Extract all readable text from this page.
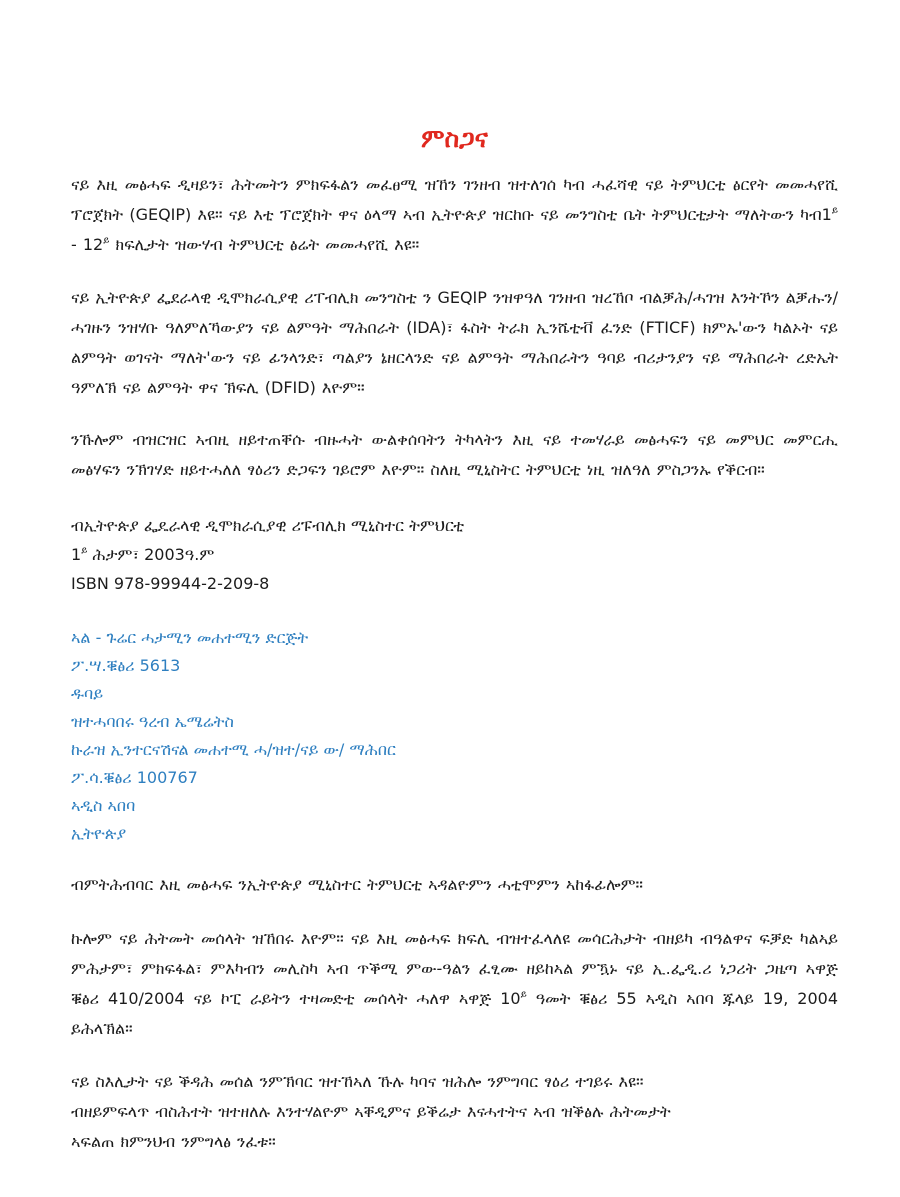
ምስጋና

ናይ እዚ መፅሓፍ ዲዛይን፣ ሕትመትን ምክፍፋልን መፈፀሚ ዝኸን ገንዘብ ዝተለገሰ ካብ ሓፈሻዊ ናይ ትምህርቲ ፅርየት መመሓየሺ ፕሮጀክት (GEQIP) እዩ። ናይ እቲ ፕሮጀክት ዋና ዕላማ ኣብ ኢትዮጵያ ዝርከቡ ናይ መንግስቲ ቤት ትምህርቲታት ማለትውን $ካብ1^ይ - 12^ይ$ ክፍሊታት ዝውሃብ ትምህርቲ ፅሬት መመሓየሺ እዩ።

ናይ ኢትዮጵያ ፌደራላዊ ዲሞክራሲያዊ ሪፐብሊክ መንግስቲ ን GEQIP ንዝዋዓለ ገንዘብ ዝረኸቦ ብልቓሕ/ሓገዝ እንትኾን ልቓሑን/ሓገዙን ንዝሃቡ ዓለምለኻውያን ናይ ልምዓት ማሕበራት (IDA)፣ ፋስት ትራክ ኢንሼቲቭ ፈንድ (FTICF) ክምኡ'ውን ካልኦት ናይ ልምዓት ወገናት ማለት'ውን ናይ ፊንላንድ፣ ጣልያን ኔዘርላንድ ናይ ልምዓት ማሕበራትን ዓባይ ብሪታንያን ናይ ማሕበራት ረድኤት ዓምለኽ ናይ ልምዓት ዋና ኽፍሊ (DFID) እዮም።

ንኹሎም ብዝርዝር ኣብዚ ዘይተጠቐሱ ብዙሓት ውልቀሰባትን ትካላትን እዚ ናይ ተመሃራይ መፅሓፍን ናይ መምህር መምርሒ መፅሃፍን ንኽገሃድ ዘይተሓለለ ፃዕሪን ድጋፍን ገይሮም እዮም። ስለዚ ሚኒስትር ትምህርቲ ነዚ ዝለዓለ ምስጋንኡ የቕርብ።

ብኢትዮጵያ ፌዴራላዊ ዲሞክራሲያዊ ሪፑብሊክ ሚኒስተር ትምህርቲ
$1^ይ$ ሕታም፣ 2003ዓ.ም
ISBN 978-99944-2-209-8
ኣል - ጉሬር ሓታሚን መሐተሚን ድርጅት
ፖ.ሣ.ቑፅሪ 5613
ዱባይ
ዝተሓባበሩ ዓረብ ኤሜሬትስ
ኩራዝ ኢንተርናሽናል መሐተሚ ሓ/ዝተ/ናይ ው/ ማሕበር
ፖ.ሳ.ቑፅሪ 100767
ኣዲስ ኣበባ
ኢትዮጵያ

ብምትሕብባር እዚ መፅሓፍ ንኢትዮጵያ ሚኒስተር ትምህርቲ ኣዳልዮምን ሓቲሞምን ኣከፋፊሎም።

ኩሎም ናይ ሕትመት መሰላት ዝኸበሩ እዮም። ናይ እዚ መፅሓፍ ክፍሊ ብዝተፈላለዩ መሳርሕታት ብዘይካ ብዓልዋና ፍቓድ ካልኣይ ምሕታም፣ ምክፍፋል፣ ምእካብን መሊስካ ኣብ ጥቕሚ ምው-ዓልን ፈፂሙ ዘይከኣል ምዃኑ ናይ ኢ.ፌዲ.ሪ ነጋሪት ጋዜጣ ኣዋጅ ቑፅሪ 410/2004 ናይ ኮፒ ራይትን ተዛመድቲ መሰላት ሓለዋ ኣዋጅ $10^ይ$ ዓመት ቑፅሪ 55 ኣዲስ ኣበባ ጁላይ 19, 2004 ይሕላኽል።

ናይ ስእሊታት ናይ ቕዳሕ መሰል ንምኽባር ዝተኸኣለ ኹሉ ካባና ዝሕሎ ንምግባር ፃዕሪ ተገይሩ እዩ።
ብዘይምፍላጥ ብስሕተት ዝተዘለሉ እንተሃልዮም ኣቐዲምና ይቕሬታ እናሓተትና ኣብ ዝቕፅሉ ሕትመታት
ኣፍልጠ ክምንህብ ንምግላፅ ንፈቱ።
